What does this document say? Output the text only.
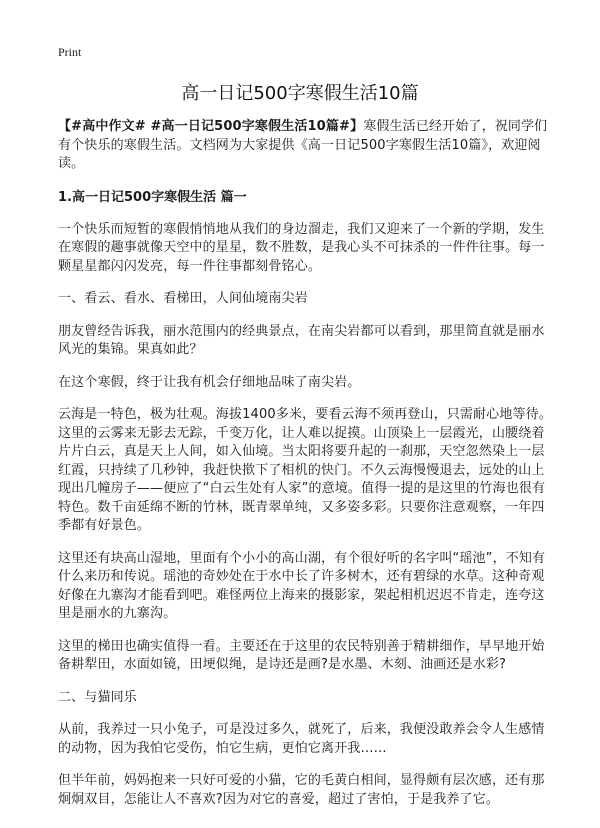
Print
高一日记500字寒假生活10篇

【#高中作文# #高一日记500字寒假生活10篇#】寒假生活已经开始了，祝同学们有个快乐的寒假生活。文档网为大家提供《高一日记500字寒假生活10篇》，欢迎阅读。

1.高一日记500字寒假生活 篇一

一个快乐而短暂的寒假悄悄地从我们的身边溜走，我们又迎来了一个新的学期，发生在寒假的趣事就像天空中的星星，数不胜数，是我心头不可抹杀的一件件往事。每一颗星星都闪闪发亮，每一件往事都刻骨铭心。

一、看云、看水、看梯田，人间仙境南尖岩

朋友曾经告诉我，丽水范围内的经典景点，在南尖岩都可以看到，那里简直就是丽水风光的集锦。果真如此？

在这个寒假，终于让我有机会仔细地品味了南尖岩。

云海是一特色，极为壮观。海拔1400多米，要看云海不须再登山，只需耐心地等待。这里的云雾来无影去无踪，千变万化，让人难以捉摸。山顶染上一层霞光，山腰绕着片片白云，真是天上人间，如入仙境。当太阳将要升起的一刹那，天空忽然染上一层红霞，只持续了几秒钟，我赶快揿下了相机的快门。不久云海慢慢退去，远处的山上现出几幢房子——便应了“白云生处有人家”的意境。值得一提的是这里的竹海也很有特色。数千亩延绵不断的竹林，既青翠单纯，又多姿多彩。只要你注意观察，一年四季都有好景色。

这里还有块高山湿地，里面有个小小的高山湖，有个很好听的名字叫“瑶池”，不知有什么来历和传说。瑶池的奇妙处在于水中长了许多树木，还有碧绿的水草。这种奇观好像在九寨沟才能看到吧。难怪两位上海来的摄影家，架起相机迟迟不肯走，连夸这里是丽水的九寨沟。

这里的梯田也确实值得一看。主要还在于这里的农民特别善于精耕细作，早早地开始备耕犁田，水面如镜，田埂似绳，是诗还是画?是水墨、木刻、油画还是水彩?

二、与猫同乐

从前，我养过一只小兔子，可是没过多久，就死了，后来，我便没敢养会令人生感情的动物，因为我怕它受伤，怕它生病，更怕它离开我……

但半年前，妈妈抱来一只好可爱的小猫，它的毛黄白相间，显得颇有层次感，还有那炯炯双目，怎能让人不喜欢?因为对它的喜爱，超过了害怕，于是我养了它。
